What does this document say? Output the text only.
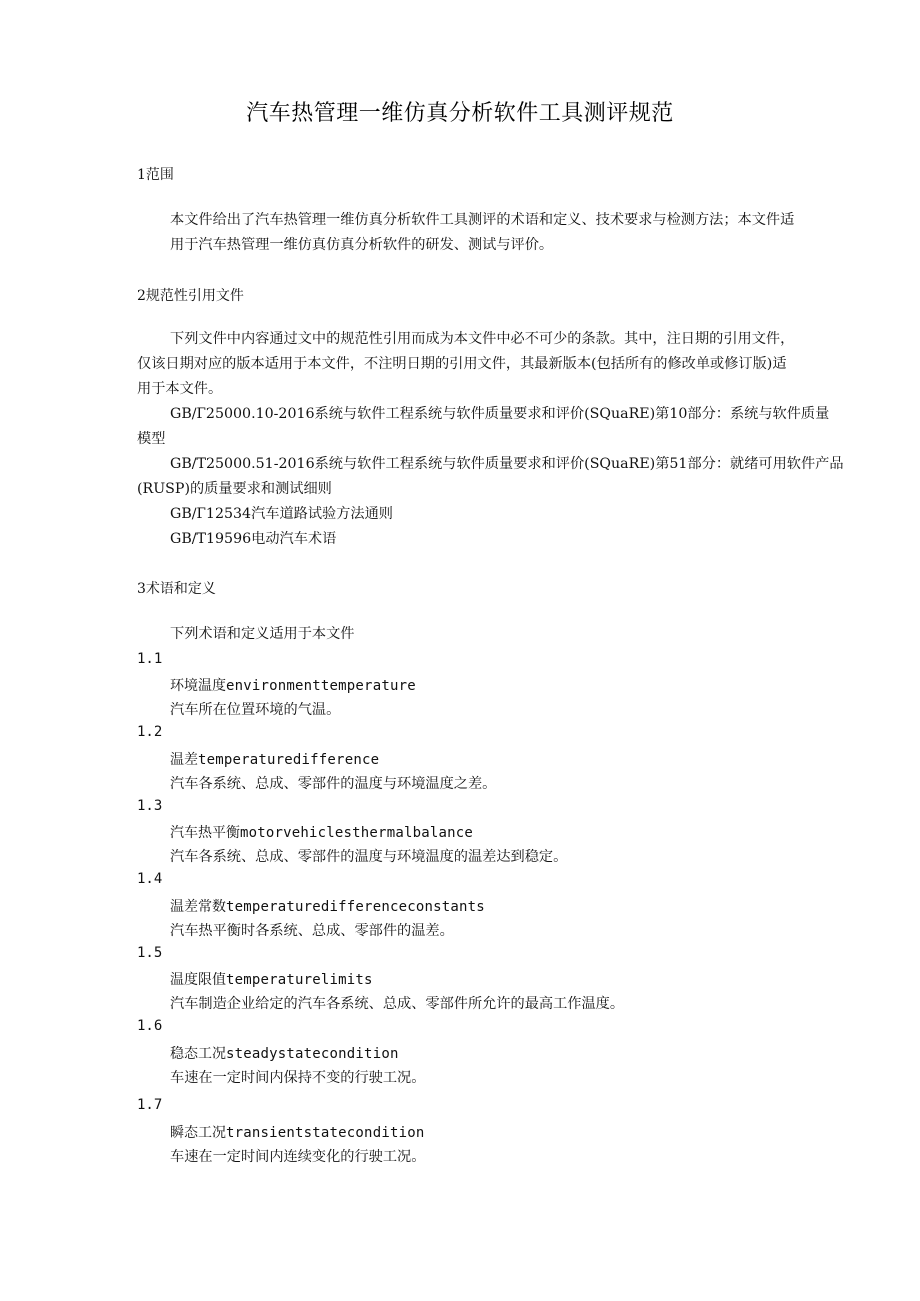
汽车热管理一维仿真分析软件工具测评规范
1范围
本文件给出了汽车热管理一维仿真分析软件工具测评的术语和定义、技术要求与检测方法；本文件适
用于汽车热管理一维仿真仿真分析软件的研发、测试与评价。
2规范性引用文件
下列文件中内容通过文中的规范性引用而成为本文件中必不可少的条款。其中，注日期的引用文件，
仅该日期对应的版本适用于本文件，不注明日期的引用文件，其最新版本(包括所有的修改单或修订版)适
用于本文件。
GB∕Г25000.10-2016系统与软件工程系统与软件质量要求和评价(SQuaRE)第10部分：系统与软件质量
模型
GB/T25000.51-2016系统与软件工程系统与软件质量要求和评价(SQuaRE)第51部分：就绪可用软件产品
(RUSP)的质量要求和测试细则
GB∕Г12534汽车道路试验方法通则
GB/T19596电动汽车术语
3术语和定义
下列术语和定义适用于本文件
1.1
环境温度environmenttemperature
汽车所在位置环境的气温。
1.2
温差temperaturedifference
汽车各系统、总成、零部件的温度与环境温度之差。
1.3
汽车热平衡motorvehiclesthermalbalance
汽车各系统、总成、零部件的温度与环境温度的温差达到稳定。
1.4
温差常数temperaturedifferenceconstants
汽车热平衡时各系统、总成、零部件的温差。
1.5
温度限值temperaturelimits
汽车制造企业给定的汽车各系统、总成、零部件所允许的最高工作温度。
1.6
稳态工况steadystatecondition
车速在一定时间内保持不变的行驶工况。
1.7
瞬态工况transientstatecondition
车速在一定时间内连续变化的行驶工况。
